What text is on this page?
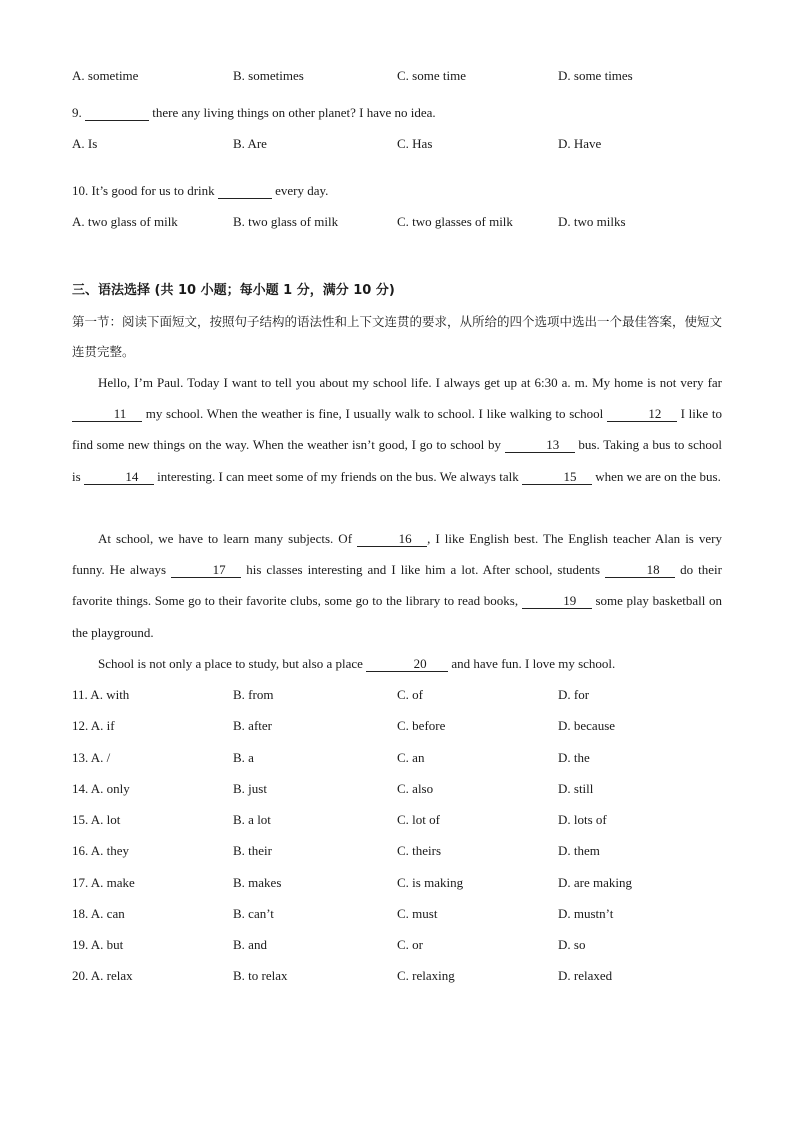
A. sometime	B. sometimes	C. some time	D. some times
9.	there any living things on other planet? I have no idea.
A. Is	B. Are	C. Has	D. Have
10. It’s good for us to drink	every day.
A. two glass of milk	B. two glass of milk	C. two glasses of milk	D. two milks
三、语法选择 (共 10 小题；每小题 1 分，满分 10 分)
第一节：阅读下面短文，按照句子结构的语法性和上下文连贯的要求，从所给的四个选项中选出一个最佳答案，使短文连贯完整。
Hello, I’m Paul. Today I want to tell you about my school life. I always get up at 6:30 a. m. My home is not very far 11 my school. When the weather is fine, I usually walk to school. I like walking to school	12 I like to find some new things on the way. When the weather isn’t good, I go to school by	13 bus. Taking a bus to school is	14 interesting. I can meet some of my friends on the bus. We always talk	15 when we are on the bus.
At school, we have to learn many subjects. Of	16 , I like English best. The English teacher Alan is very funny. He always	17 his classes interesting and I like him a lot. After school, students	18 do their favorite things. Some go to their favorite clubs, some go to the library to read books,	19 some play basketball on the playground.
School is not only a place to study, but also a place	20 and have fun. I love my school.
11. A. with	B. from	C. of	D. for
12. A. if	B. after	C. before	D. because
13. A. /	B. a	C. an	D. the
14. A. only	B. just	C. also	D. still
15. A. lot	B. a lot	C. lot of	D. lots of
16. A. they	B. their	C. theirs	D. them
17. A. make	B. makes	C. is making	D. are making
18. A. can	B. can’t	C. must	D. mustn’t
19. A. but	B. and	C. or	D. so
20. A. relax	B. to relax	C. relaxing	D. relaxed
